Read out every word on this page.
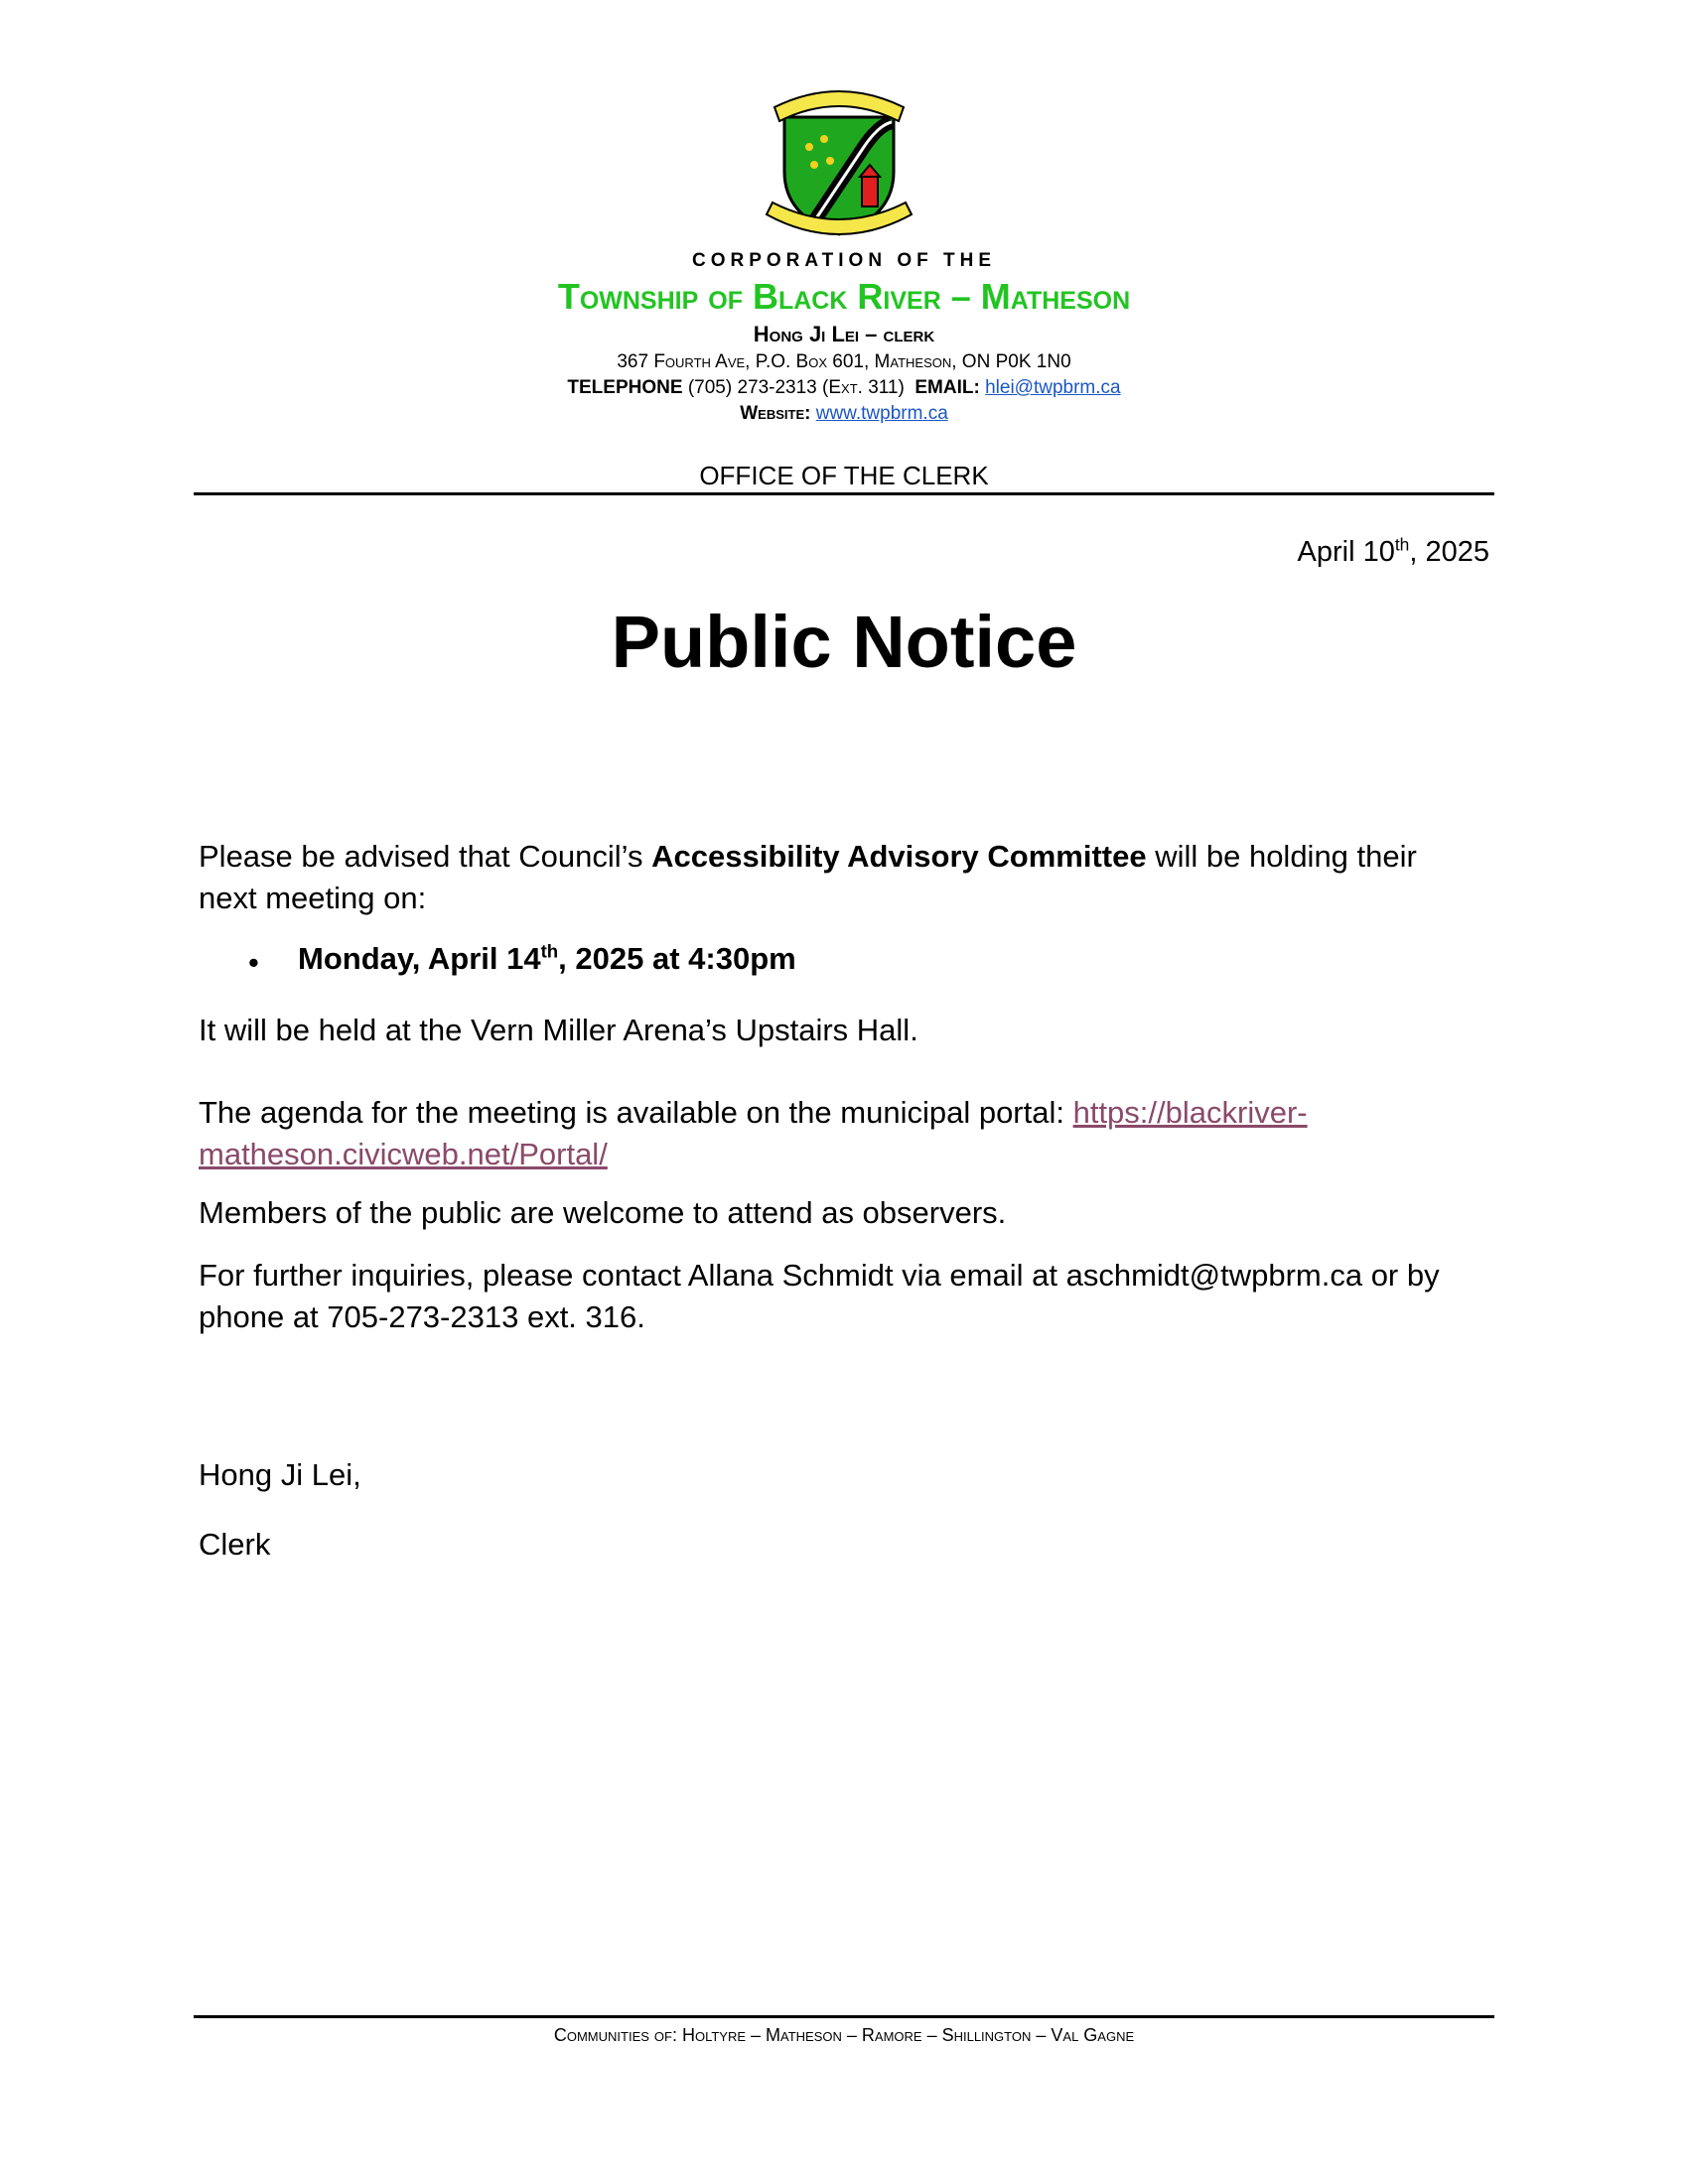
CORPORATION OF THE
Township of Black River – Matheson
Hong Ji Lei – clerk
367 Fourth Ave, P.O. Box 601, Matheson, ON P0K 1N0
TELEPHONE (705) 273-2313 (Ext. 311) EMAIL: hlei@twpbrm.ca
Website: www.twpbrm.ca
OFFICE OF THE CLERK
April 10th, 2025
Public Notice
Please be advised that Council’s Accessibility Advisory Committee will be holding their next meeting on:
• Monday, April 14th, 2025 at 4:30pm
It will be held at the Vern Miller Arena’s Upstairs Hall.
The agenda for the meeting is available on the municipal portal: https://blackriver-matheson.civicweb.net/Portal/
Members of the public are welcome to attend as observers.
For further inquiries, please contact Allana Schmidt via email at aschmidt@twpbrm.ca or by phone at 705-273-2313 ext. 316.
Hong Ji Lei,
Clerk
Communities of: Holtyre – Matheson – Ramore – Shillington – Val Gagne
